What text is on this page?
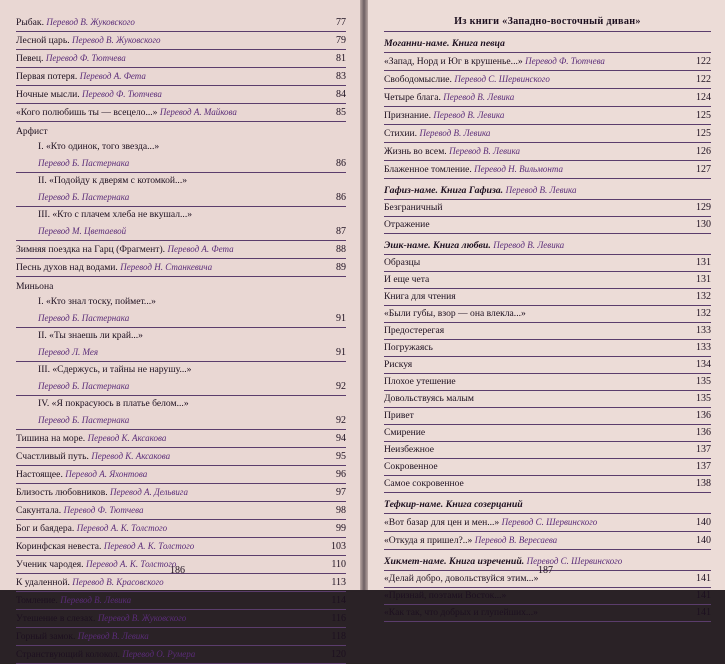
Рыбак. Перевод В. Жуковского	77
Лесной царь. Перевод В. Жуковского	79
Певец. Перевод Ф. Тютчева	81
Первая потеря. Перевод А. Фета	83
Ночные мысли. Перевод Ф. Тютчева	84
«Кого полюбишь ты — всецело...» Перевод А. Майкова	85
Арфист
I. «Кто одинок, того звезда...»
Перевод Б. Пастернака	86
II. «Подойду к дверям с котомкой...»
Перевод Б. Пастернака	86
III. «Кто с плачем хлеба не вкушал...»
Перевод М. Цветаевой	87
Зимняя поездка на Гарц (Фрагмент). Перевод А. Фета	88
Песнь духов над водами. Перевод Н. Станкевича	89
Миньона
I. «Кто знал тоску, поймет...»
Перевод Б. Пастернака	91
II. «Ты знаешь ли край...»
Перевод Л. Мея	91
III. «Сдержусь, и тайны не нарушу...»
Перевод Б. Пастернака	92
IV. «Я покрасуюсь в платье белом...»
Перевод Б. Пастернака	92
Тишина на море. Перевод К. Аксакова	94
Счастливый путь. Перевод К. Аксакова	95
Настоящее. Перевод А. Яхонтова	96
Близость любовников. Перевод А. Дельвига	97
Сакунтала. Перевод Ф. Тютчева	98
Бог и баядера. Перевод А. К. Толстого	99
Коринфская невеста. Перевод А. К. Толстого	103
Ученик чародея. Перевод А. К. Толстого	110
К удаленной. Перевод В. Красовского	113
Томление. Перевод В. Левика	114
Утешение в слезах. Перевод В. Жуковского	116
Горный замок. Перевод В. Левика	118
Странствующий колокол. Перевод О. Румера	120
186
Из книги «Западно-восточный диван»
Моганни-наме. Книга певца
«Запад, Норд и Юг в крушенье...» Перевод Ф. Тютчева	122
Свободомыслие. Перевод С. Шервинского	122
Четыре блага. Перевод В. Левика	124
Признание. Перевод В. Левика	125
Стихии. Перевод В. Левика	125
Жизнь во всем. Перевод В. Левика	126
Блаженное томление. Перевод Н. Вильмонта	127
Гафиз-наме. Книга Гафиза. Перевод В. Левика
Безграничный	129
Отражение	130
Эшк-наме. Книга любви. Перевод В. Левика
Образцы	131
И еще чета	131
Книга для чтения	132
«Были губы, взор — она влекла...»	132
Предостерегая	133
Погружаясь	133
Рискуя	134
Плохое утешение	135
Довольствуясь малым	135
Привет	136
Смирение	136
Неизбежное	137
Сокровенное	137
Самое сокровенное	138
Тефкир-наме. Книга созерцаний
«Вот базар для цен и мен...» Перевод С. Шервинского	140
«Откуда я пришел?..» Перевод В. Вересаева	140
Хикмет-наме. Книга изречений. Перевод С. Шервинского
«Делай добро, довольствуйся этим...»	141
«Признай, поэтами Восток...»	141
«Как так, что добрых и глупейших...»	141
187
